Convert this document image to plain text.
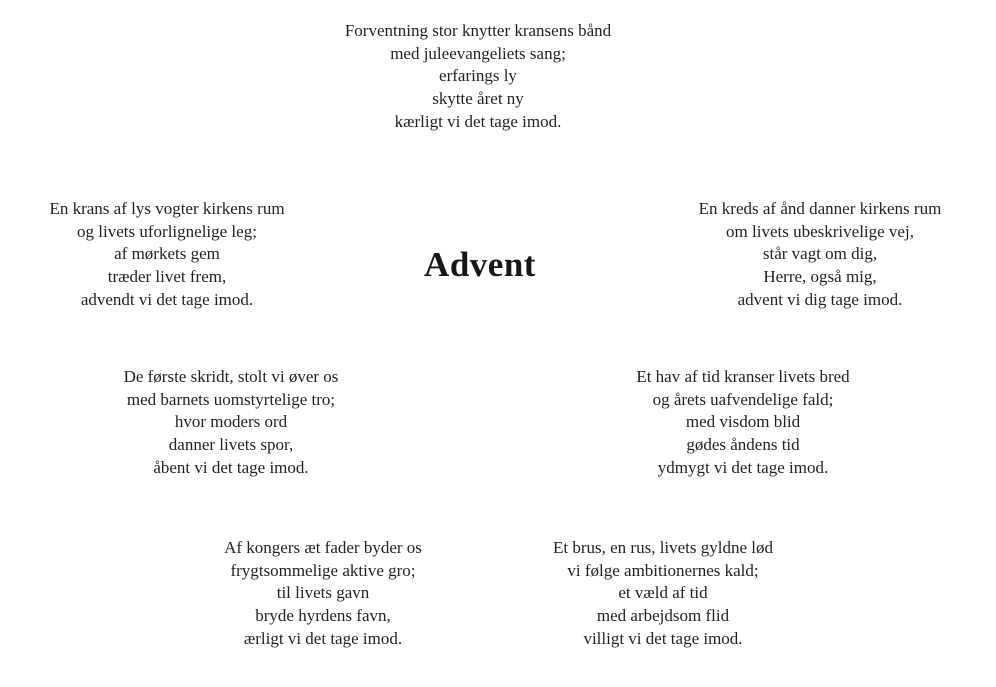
Advent
Forventning stor knytter kransens bånd
med juleevangeliets sang;
erfarings ly
skytte året ny
kærligt vi det tage imod.
En krans af lys vogter kirkens rum
og livets uforlignelige leg;
af mørkets gem
træder livet frem,
advendt vi det tage imod.
En kreds af ånd danner kirkens rum
om livets ubeskrivelige vej,
står vagt om dig,
Herre, også mig,
advent vi dig tage imod.
De første skridt, stolt vi øver os
med barnets uomstyrtelige tro;
hvor moders ord
danner livets spor,
åbent vi det tage imod.
Et hav af tid kranser livets bred
og årets uafvendelige fald;
med visdom blid
gødes åndens tid
ydmygt vi det tage imod.
Af kongers æt fader byder os
frygtsommelige aktive gro;
til livets gavn
bryde hyrdens favn,
ærligt vi det tage imod.
Et brus, en rus, livets gyldne lød
vi følge ambitionernes kald;
et væld af tid
med arbejdsom flid
villigt vi det tage imod.
